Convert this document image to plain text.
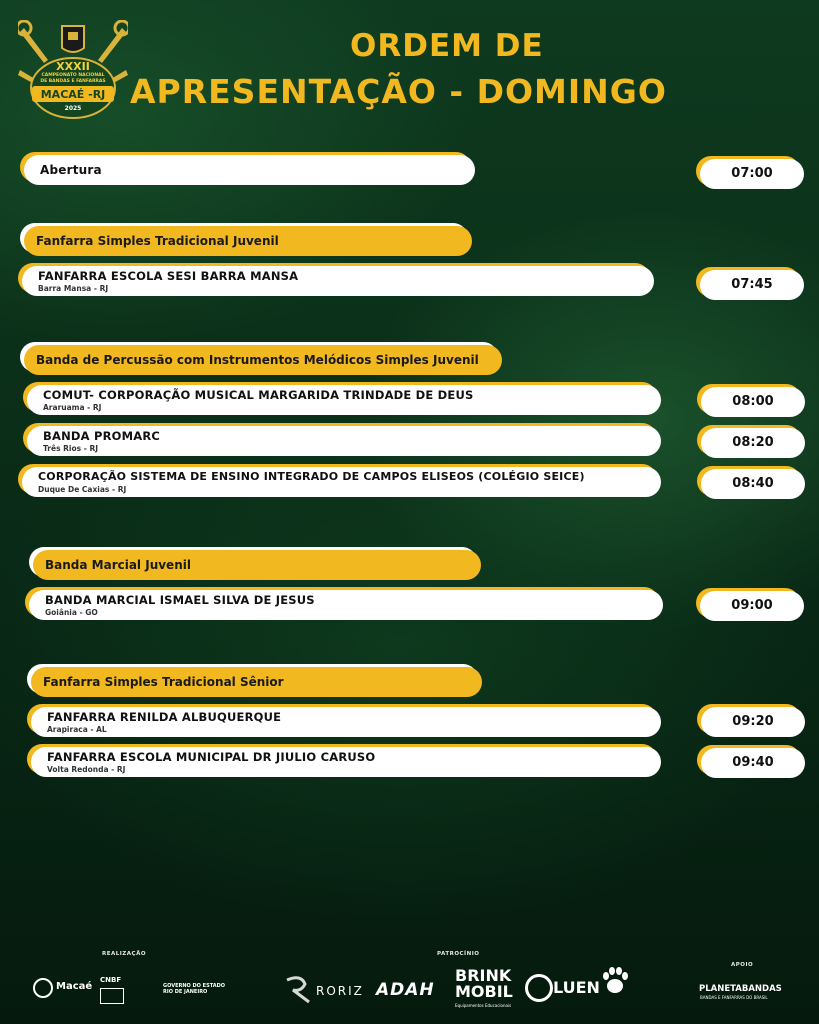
XXXII
CAMPEONATO NACIONAL
DE BANDAS E FANFARRAS
MACAÉ -RJ
2025
ORDEM DE
APRESENTAÇÃO - DOMINGO
Abertura	07:00
Fanfarra Simples Tradicional Juvenil
FANFARRA ESCOLA SESI BARRA MANSA
Barra Mansa - RJ	07:45
Banda de Percussão com Instrumentos Melódicos Simples Juvenil
COMUT- CORPORAÇÃO MUSICAL MARGARIDA TRINDADE DE DEUS
Araruama - RJ	08:00
BANDA PROMARC
Três Rios - RJ	08:20
CORPORAÇÃO SISTEMA DE ENSINO INTEGRADO DE CAMPOS ELISEOS (COLÉGIO SEICE)
Duque De Caxias - RJ	08:40
Banda Marcial Juvenil
BANDA MARCIAL ISMAEL SILVA DE JESUS
Goiânia - GO	09:00
Fanfarra Simples Tradicional Sênior
FANFARRA RENILDA ALBUQUERQUE
Arapiraca - AL
09:20
FANFARRA ESCOLA MUNICIPAL DR JIULIO CARUSO
Volta Redonda - RJ	09:40
REALIZAÇÃO	PATROCÍNIO
APOIO
Macaé
CNBF
GOVERNO DO ESTADO RIO DE JANEIRO	RORIZ ADAH
BRINK MOBIL
Equipamentos Educacionais
LUEN	PLANETABANDAS
BANDAS E FANFARRAS DO BRASIL
